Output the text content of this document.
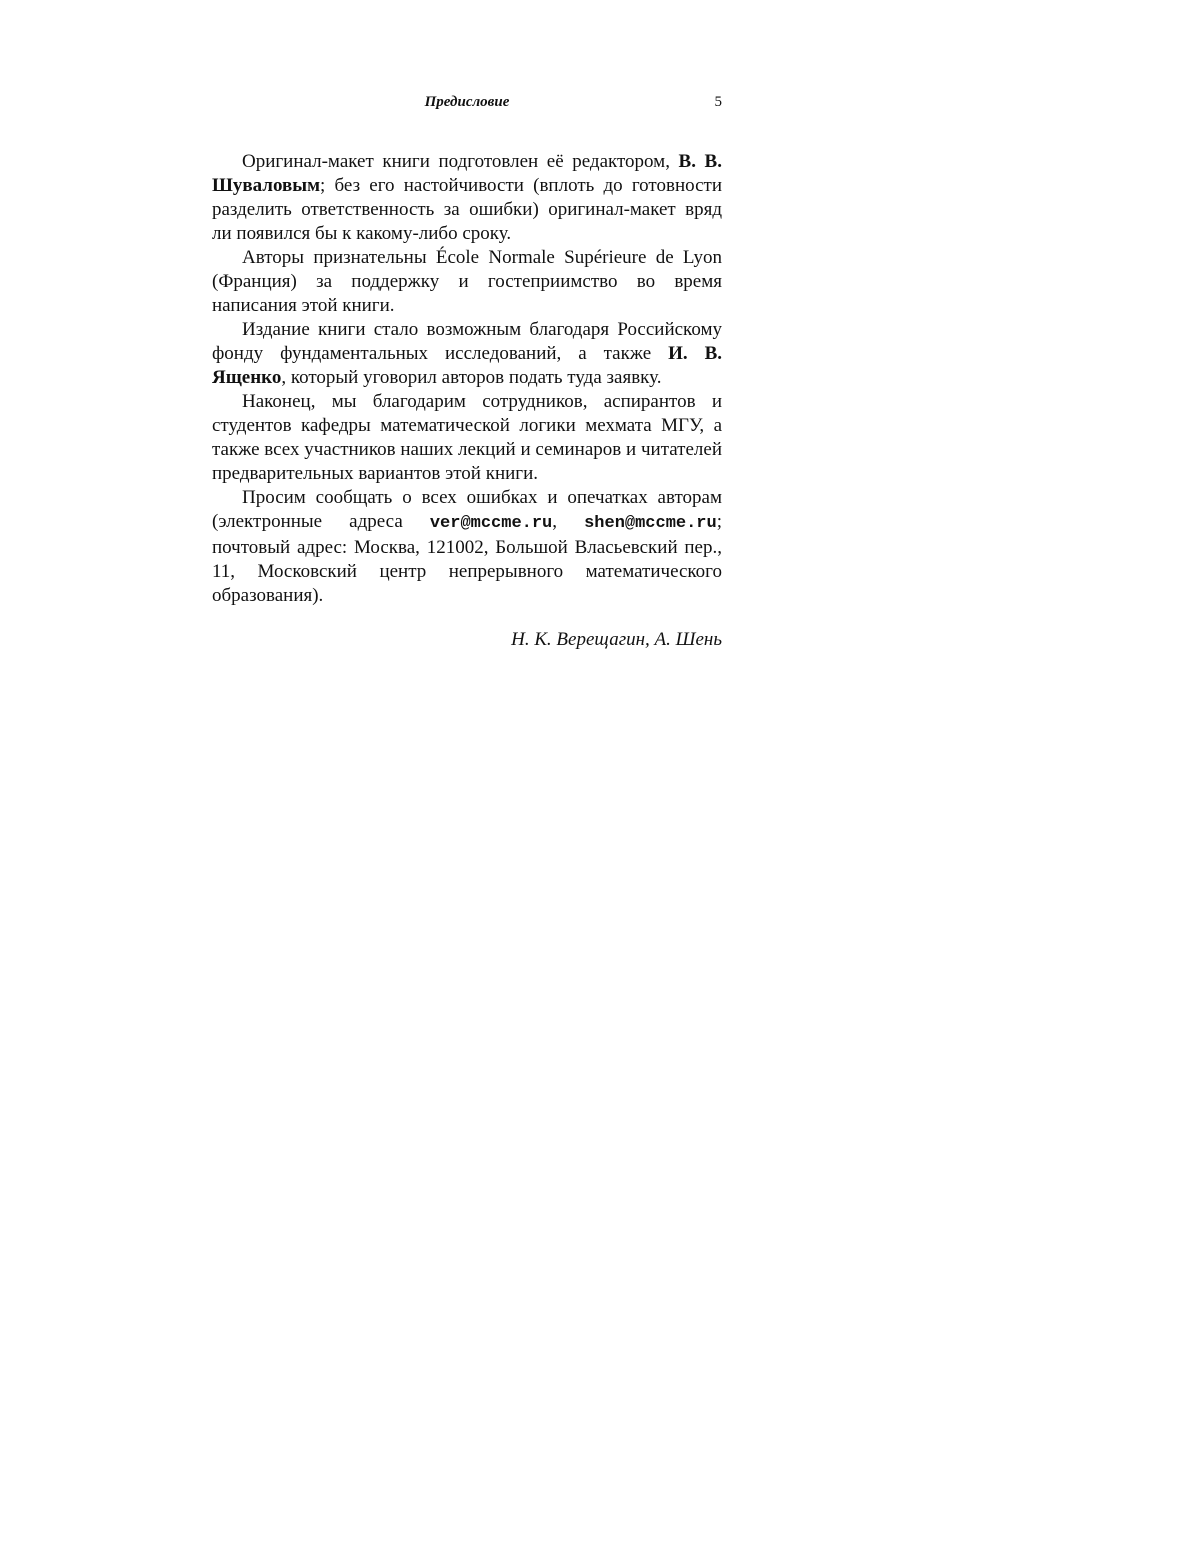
Предисловие	5

Оригинал-макет книги подготовлен её редактором, В. В. Шуваловым; без его настойчивости (вплоть до готовности разделить ответственность за ошибки) оригинал-макет вряд ли появился бы к какому-либо сроку.

Авторы признательны École Normale Supérieure de Lyon (Франция) за поддержку и гостеприимство во время написания этой книги.

Издание книги стало возможным благодаря Российскому фонду фундаментальных исследований, а также И. В. Ященко, который уговорил авторов подать туда заявку.

Наконец, мы благодарим сотрудников, аспирантов и студентов кафедры математической логики мехмата МГУ, а также всех участников наших лекций и семинаров и читателей предварительных вариантов этой книги.

Просим сообщать о всех ошибках и опечатках авторам (электронные адреса ver@mccme.ru, shen@mccme.ru; почтовый адрес: Москва, 121002, Большой Власьевский пер., 11, Московский центр непрерывного математического образования).

Н. К. Верещагин, А. Шень
